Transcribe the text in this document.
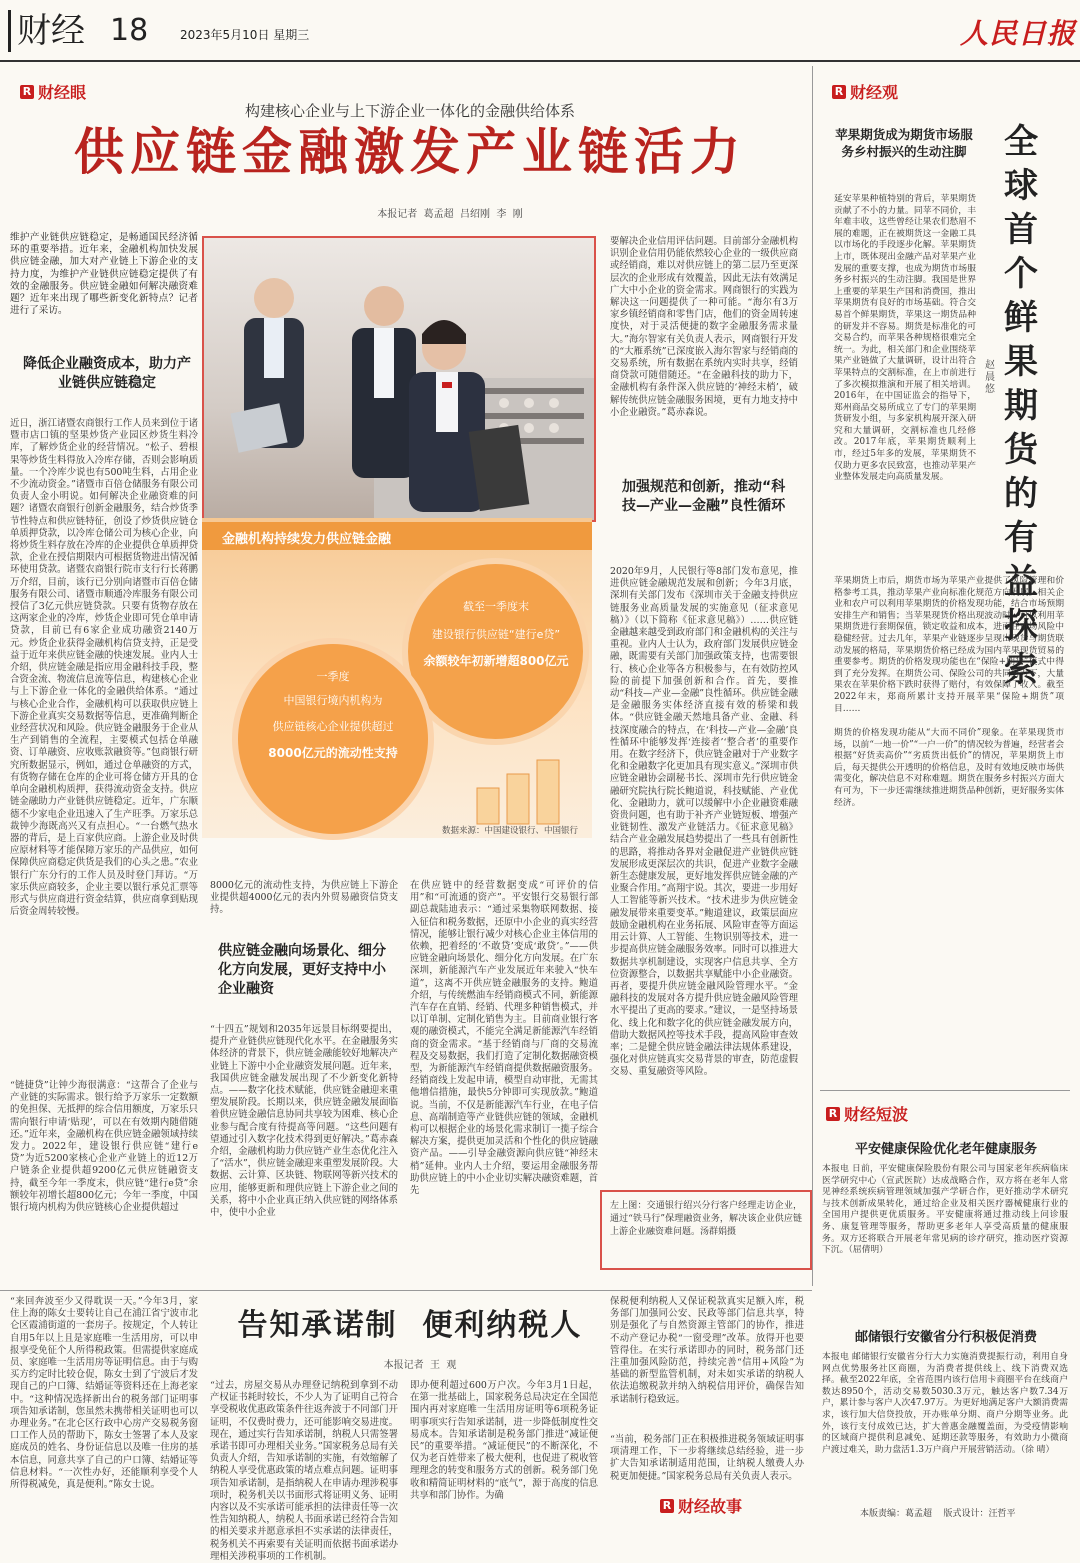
财经 18	2023年5月10日 星期三	人民日报
R 财经眼
构建核心企业与上下游企业一体化的金融供给体系
供应链金融激发产业链活力
本报记者  葛孟超  吕绍刚  李  刚
维护产业链供应链稳定，是畅通国民经济循环的重要举措。近年来，金融机构加快发展供应链金融，加大对产业链上下游企业的支持力度，为维护产业链供应链稳定提供了有效的金融服务。供应链金融如何解决融资难题？近年来出现了哪些新变化新特点？记者进行了采访。
降低企业融资成本，助力产业链供应链稳定
近日，浙江诸暨农商银行工作人员来到位于诸暨市店口镇的坚果炒货产业园区炒货生料冷库，了解炒货企业的经营情况。“松子、碧根果等炒货生料得放入冷库存储，否则会影响质量。一个冷库少说也有500吨生料，占用企业不少流动资金。”诸暨市百倍仓储服务有限公司负责人金小明说。如何解决企业融资难的问题？诸暨农商银行创新金融服务，结合炒货季节性特点和供应链特征，创设了炒货供应链仓单质押贷款，以冷库仓储公司为核心企业，向将炒货生料存放在冷库的企业提供仓单质押贷款，企业在授信期限内可根据货物进出情况循环使用贷款。诸暨农商银行院市支行行长蒋鹏万介绍，目前，该行已分别向诸暨市百倍仓储服务有限公司、诸暨市顺通冷库服务有限公司授信了3亿元供应链贷款。只要有货物存放在这两家企业的冷库，炒货企业即可凭仓单申请贷款，目前已有6家企业成功融资2140万元。炒货企业获得金融机构信贷支持，正是受益于近年来供应链金融的快速发展。业内人士介绍，供应链金融是指应用金融科技手段，整合资金流、物流信息流等信息，构建核心企业与上下游企业一体化的金融供给体系。“通过与核心企业合作，金融机构可以获取供应链上下游企业真实交易数据等信息，更准确判断企业经营状况和风险。供应链金融服务于企业从生产到销售的全流程，主要模式包括仓单融资、订单融资、应收账款融资等。”包商银行研究所数据显示，例如，通过仓单融资的方式，有货物存储在仓库的企业可将仓储方开具的仓单向金融机构质押，获得流动资金支持。供应链金融助力产业链供应链稳定。近年，广东顺德不少家电企业迅速入了生产旺季。万家乐总裁钟少海既高兴又有点担心。“一台燃气热水器的背后，是上百家供应商。上游企业及时供应原材料等才能保障万家乐的产品供应，如何保障供应商稳定供货是我们的心头之患。”农业银行广东分行的工作人员及时登门拜访。“万家乐供应商较多，企业主要以银行承兑汇票等形式与供应商进行资金结算，供应商拿到贴现后资金周转较慢。
“链捷贷”让钟少海很满意：“这帮合了企业与产业链的实际需求。银行给予万家乐一定数额的免担保、无抵押的综合信用额度，万家乐只需向银行申请‘贴现’，可以在有效期内随借随还。”近年来，金融机构在供应链金融领域持续发力。2022年，建设银行供应链“建行e贷”为近5200家核心企业产业链上的近12万户链条企业提供超9200亿元供应链融资支持，截至今年一季度末，供应链“建行e贷”余额较年初增长超800亿元；今年一季度，中国银行境内机构为供应链核心企业提供超过
金融机构持续发力供应链金融
截至一季度末
建设银行供应链“建行e贷”
余额较年初新增超800亿元
一季度
中国银行境内机构为
供应链核心企业提供超过
8000亿元的流动性支持
数据来源：中国建设银行、中国银行
8000亿元的流动性支持，为供应链上下游企业提供超4000亿元的表内外贸易融资信贷支持。
供应链金融向场景化、细分化方向发展，更好支持中小企业融资
“十四五”规划和2035年远景目标纲要提出，提升产业链供应链现代化水平。在金融服务实体经济的背景下，供应链金融能较好地解决产业链上下游中小企业融资发展问题。近年来，我国供应链金融发展出现了不少新变化新特点。——数字化技术赋能，供应链金融迎来重塑发展阶段。长期以来，供应链金融发展面临着供应链金融信息协同共享较为困难、核心企业参与配合度有待提高等问题。“这些问题有望通过引入数字化技术得到更好解决。”葛赤森介绍，金融机构助力供应链产业生态优化注入了“活水”，供应链金融迎来重塑发展阶段。大数据、云计算、区块链、物联网等新兴技术的应用，能够更新和理供应链上下游企业之间的关系，将中小企业真正纳入供应链的网络体系中，使中小企业
在供应链中的经营数据变成“可评价的信用”和“可流通的资产”。平安银行交易银行部副总裁陆迪表示：“通过采集物联网数据、接入征信和税务数据，还原中小企业的真实经营情况，能够让银行减少对核心企业主体信用的依赖，把着经的‘不敢贷’变成‘敢贷’。”——供应链金融向场景化、细分化方向发展。在广东深圳，新能源汽车产业发展近年来驶入“快车道”，这离不开供应链金融服务的支持。鲍道介绍，与传统燃油车经销商模式不同，新能源汽车存在直销、经销、代理多种销售模式，并以订单制、定制化销售为主。目前商业银行客观的融资模式，不能完全满足新能源汽车经销商的资金需求。“基于经销商与厂商的交易流程及交易数据，我们打造了定制化数据融资模型，为新能源汽车经销商提供数据融资服务。经销商线上发起申请，模型自动审批，无需其他增信措施，最快5分钟即可实现放款。”鲍道说。当前，不仅是新能源汽车行业，在电子信息、高端制造等产业链供应链的领域，金融机构可以根据企业的场景化需求制订一揽子综合解决方案，提供更加灵活和个性化的供应链融资产品。——引导金融资源向供应链“神经末梢”延伸。业内人士介绍，要运用金融服务帮助供应链上的中小企业切实解决融资难题，首先
要解决企业信用评估问题。目前部分金融机构识别企业信用仍能依然较心企业的一级供应商或经销商，难以对供应链上的第二层乃至更深层次的企业形成有效覆盖，因此无法有效满足广大中小企业的资金需求。网商银行的实践为解决这一问题提供了一种可能。“海尔有3万家乡镇经销商和零售门店，他们的资金周转速度快，对于灵活便捷的数字金融服务需求量大。”海尔智家有关负责人表示，网商银行开发的“大雁系统”已深度嵌入海尔智家与经销商的交易系统，所有数据在系统内实时共享，经销商贷款可随借随还。“在金融科技的助力下，金融机构有条件深入供应链的‘神经末梢’，破解传统供应链金融服务困境，更有力地支持中小企业融资。”葛赤森说。
加强规范和创新，推动“科技—产业—金融”良性循环
2020年9月，人民银行等8部门发布意见，推进供应链金融规范发展和创新；今年3月底，深圳有关部门发布《深圳市关于金融支持供应链服务业高质量发展的实施意见（征求意见稿）》（以下简称《征求意见稿》）……供应链金融越来越受到政府部门和金融机构的关注与重视。业内人士认为，政府部门发展供应链金融，既需要有关部门加强政策支持，也需要银行、核心企业等各方积极参与，在有效防控风险的前提下加强创新和合作。首先，要推动“科技—产业—金融”良性循环。供应链金融是金融服务实体经济直接有效的桥梁和载体。“供应链金融天然地具备产业、金融、科技深度融合的特点，在‘科技—产业—金融’良性循环中能够发挥‘连接者’‘整合者’的重要作用。在数字经济下，供应链金融对于产业数字化和金融数字化更加具有现实意义。”深圳市供应链金融协会副秘书长、深圳市先行供应链金融研究院执行院长鲍道说，科技赋能、产业优化、金融助力，就可以缓解中小企业融资难融资贵问题，也有助于补齐产业链短板、增强产业链韧性、激发产业链活力。《征求意见稿》结合产业金融发展趋势提出了一些具有创新性的思路，将推动各界对金融促进产业链供应链发展形成更深层次的共识，促进产业数字金融新生态健康发展，更好地发挥供应链金融的产业聚合作用。”高翔宇说。其次，要进一步用好人工智能等新兴技术。“技术进步为供应链金融发展带来重要变革。”鲍道建议，政策层面应鼓励金融机构在业务拓展、风险审查等方面运用云计算、人工智能、生物识别等技术，进一步提高供应链金融服务效率。同时可以推进大数据共享机制建设，实现客户信息共享、全方位资源整合，以数据共享赋能中小企业融资。再者，要提升供应链金融风险管理水平。“金融科技的发展对各方提升供应链金融风险管理水平提出了更高的要求。”建议，一是坚持场景化、线上化和数字化的供应链金融发展方向，借助大数据风控等技术手段，提高风险审查效率；二是健全供应链金融法律法规体系建设，强化对供应链真实交易背景的审查，防范虚假交易、重复融资等风险。
左上图：交通银行绍兴分行客户经理走访企业，通过“铁马行”保理融资业务，解决该企业供应链上游企业融资难问题。汤群娟摄
R 财经观
苹果期货成为期货市场服务乡村振兴的生动注脚 全球首个鲜果期货的有益探索
赵晨悠
延安苹果种植特别的背后，苹果期货贡献了不小的力量。同苹不同价，丰年难丰收，这些曾经让果农们愁眉不展的难题，正在被期货这一金融工具以市场化的手段逐步化解。苹果期货上市，既体现出金融产品对苹果产业发展的重要支撑，也成为期货市场服务乡村振兴的生动注脚。我国是世界上重要的苹果生产国和消费国，推出苹果期货有良好的市场基础。符合交易首个鲜果期货，苹果这一期货品种的研发并不容易。期货是标准化的可交易合约，而苹果各种规格很难完全统一。为此，相关部门和企业围绕苹果产业链做了大量调研，设计出符合苹果特点的交割标准，在上市前进行了多次模拟推演和开展了相关培训。2016年，在中国证监会的指导下，郑州商品交易所成立了专门的苹果期货研发小组，与多家机构展开深入研究和大量调研，交割标准也几经修改。2017年底，苹果期货顺利上市，经过5年多的发展，苹果期货不仅助力更多农民致富，也推动苹果产业整体发展走向高质量发展。
苹果期货上市后，期货市场为苹果产业提供了风险管理和价格参考工具，推动苹果产业向标准化规范方向发展。相关企业和农户可以利用苹果期货的价格发现功能，结合市场预期安排生产和销售；当苹果现货价格出现波动时，可以利用苹果期货进行套期保值，锁定收益和成本，进而在市场风险中稳健经营。过去几年，苹果产业链逐步呈现出现货与期货联动发展的格局，苹果期货价格已经成为国内苹果现货贸易的重要参考。期货的价格发现功能也在“保险+期货”模式中得到了充分发挥。在期货公司、保险公司的共同努力下，大量果农在苹果价格下跌时获得了赔付，有效保障了收入。截至2022年末，郑商所累计支持开展苹果“保险+期货”项目……
期货的价格发现功能从“大而不同价”现象。在苹果现货市场，以前“一地一价”“一户一价”的情况较为普遍，经营者会根据“好货卖高价”“劣质货出低价”的情况，苹果期货上市后，每天提供公开透明的价格信息，及时有效地反映市场供需变化，解决信息不对称难题。期货在服务乡村振兴方面大有可为，下一步还需继续推进期货品种创新，更好服务实体经济。
R 财经短波
平安健康保险优化老年健康服务
本报电 日前，平安健康保险股份有限公司与国家老年疾病临床医学研究中心（宣武医院）达成战略合作，双方将在老年人常见神经系统疾病管理领域加强产学研合作，更好推动学术研究与技术创新成果转化，通过给企业及相关医疗器械健康行业的全国用户提供更优质服务。平安健康将通过推动线上问诊服务、康复管理等服务，帮助更多老年人享受高质量的健康服务。双方还将联合开展老年常见病的诊疗研究，推动医疗资源下沉。（屈倩明）
邮储银行安徽省分行积极促消费
本报电 邮储银行安徽省分行大力实施消费提振行动，利用自身网点优势服务社区商圈，为消费者提供线上、线下消费双选择。截至2022年底，全省范围内该行信用卡商圈平台在线商户数达8950个，活动交易数5030.3万元，触达客户数7.34万户，累计参与客户人次47.97万。为更好地满足客户大额消费需求，该行加大信贷投放，开办账单分期、商户分期等业务。此外，该行支付成效已达，扩大普惠金融覆盖面，为受疫情影响的区域商户提供利息减免、延期还款等服务，有效助力小微商户渡过难关，助力盘活1.3万户商户开展营销活动。（徐 晴）
本版责编：葛孟超    版式设计：汪哲平
告知承诺制  便利纳税人
本报记者  王  观
“来回奔波至少又得耽误一天。”今年3月，家住上海的陈女士要转让自己在浦江省宁波市北仑区霞浦街道的一套房子。按规定，个人转让自用5年以上且是家庭唯一生活用房，可以申报享受免征个人所得税政策。但需提供家庭成员、家庭唯一生活用房等证明信息。由于与购买方约定时比较仓促，陈女士到了宁波后才发现自己的户口簿、结婚证等资料还在上海老家中。“这种情况选择新出台的税务部门证明事项告知承诺制，您虽然未携带相关证明也可以办理业务。”在北仑区行政中心房产交易税务窗口工作人员的帮助下，陈女士签署了本人及家庭成员的姓名、身份证信息以及唯一住房的基本信息，同意共享了自己的户口簿、结婚证等信息材料。“一次性办好，还能顺利享受个人所得税减免，真是便利。”陈女士说。
“过去，房屋交易从办理登记纳税到拿到不动产权证书耗时较长，不少人为了证明自己符合享受税收优惠政策条件往返奔波于不同部门开证明，不仅费时费力，还可能影响交易进度。现在，通过实行告知承诺制，纳税人只需签署承诺书即可办理相关业务。”国家税务总局有关负责人介绍，告知承诺制的实施，有效缩解了纳税人享受优惠政策的堵点难点问题。证明事项告知承诺制，是指纳税人在申请办理涉税事项时，税务机关以书面形式将证明义务、证明内容以及不实承诺可能承担的法律责任等一次性告知纳税人，纳税人书面承诺已经符合告知的相关要求并愿意承担不实承诺的法律责任，税务机关不再索要有关证明而依据书面承诺办理相关涉税事项的工作机制。
即办便利超过600万户次。今年3月1日起，在第一批基础上，国家税务总局决定在全国范围内再对家庭唯一生活用房证明等6项税务证明事项实行告知承诺制，进一步降低制度性交易成本。告知承诺制是税务部门推进“减证便民”的重要举措。“减证便民”的不断深化，不仅为老百姓带来了极大便利，也促进了税收管理理念的转变和服务方式的创新。税务部门免收和精简证明材料的“底气”，源于高度的信息共享和部门协作。为确
保税便利纳税人又保证税款真实足额入库，税务部门加强同公安、民政等部门信息共享，特别是强化了与自然资源主管部门的协作，推进不动产登记办税“一窗受理”改革。放得开也要管得住。在实行承诺即办的同时，税务部门还注重加强风险防范，持续完善“信用+风险”为基础的新型监管机制，对未如实承诺的纳税人依法追缴税款并纳入纳税信用评价，确保告知承诺制行稳致远。
“当前，税务部门正在积极推进税务领域证明事项清理工作，下一步将继续总结经验，进一步扩大告知承诺制适用范围，让纳税人缴费人办税更加便捷。”国家税务总局有关负责人表示。
R 财经故事
